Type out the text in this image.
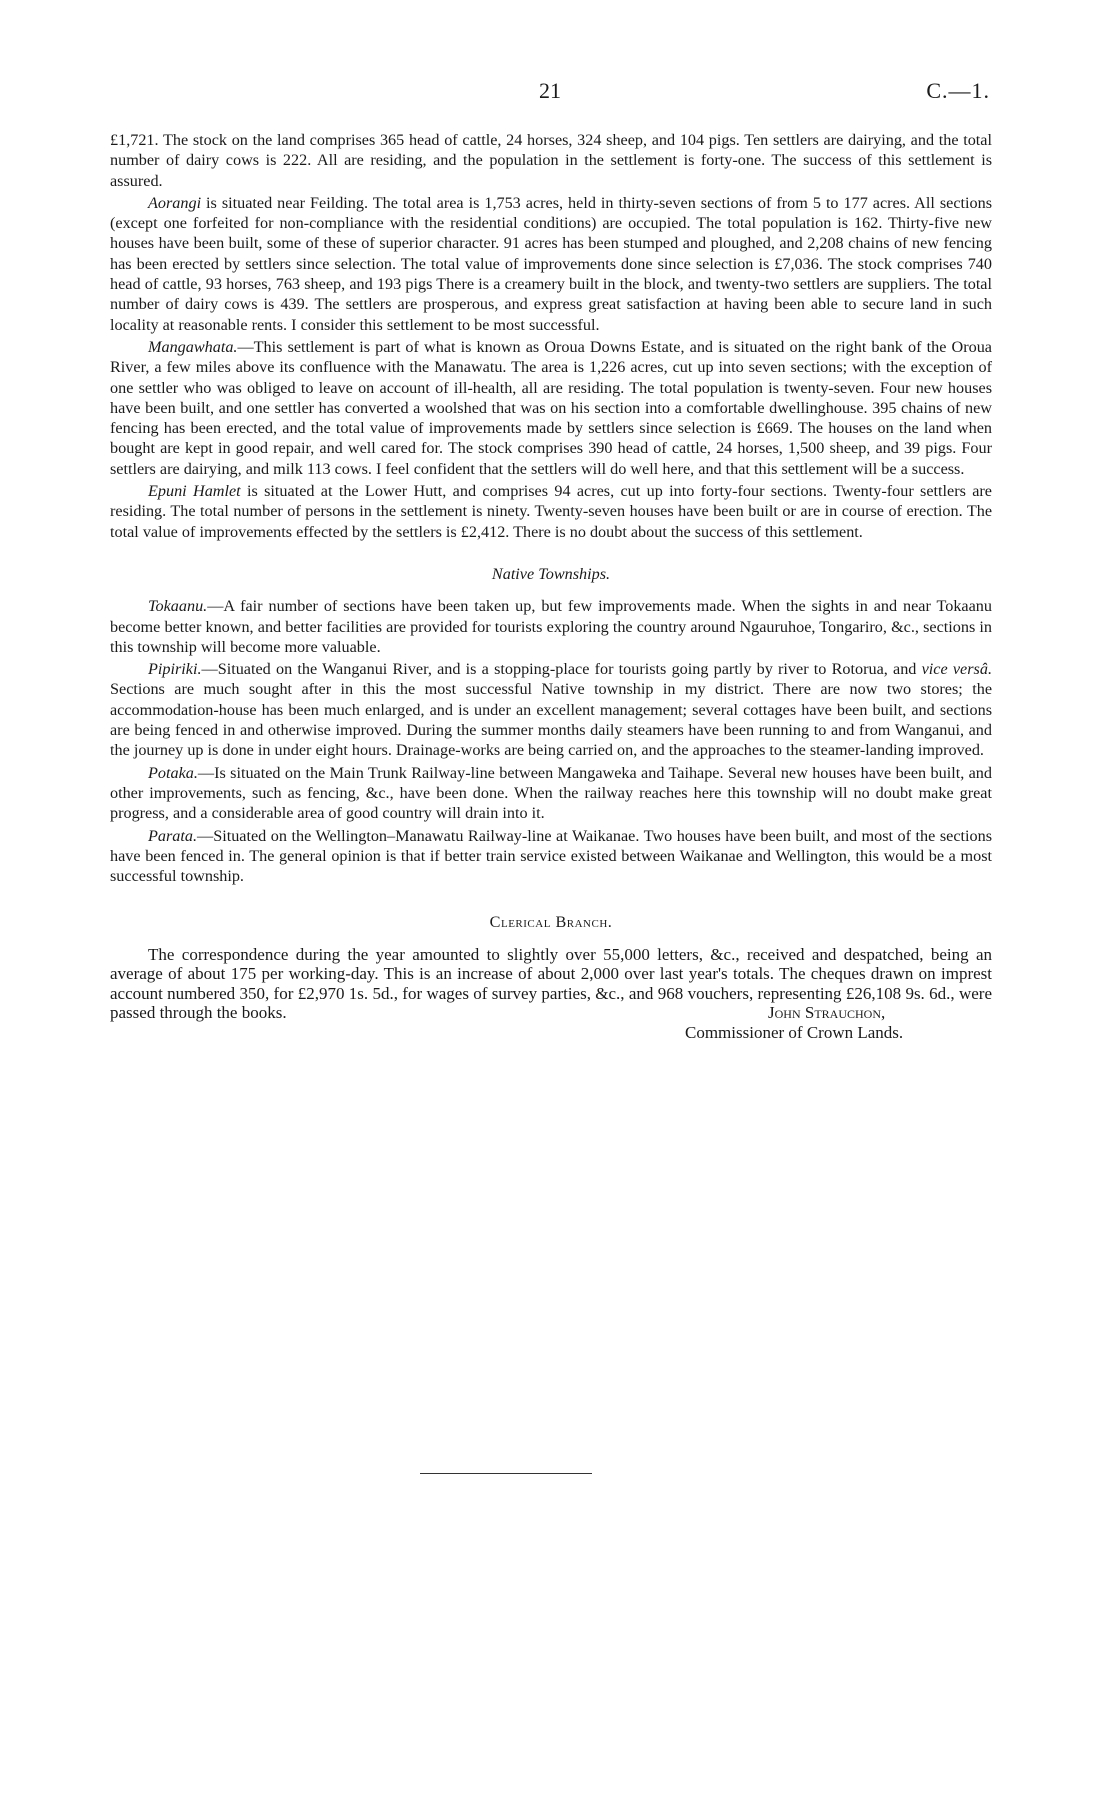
21	C.—1.

£1,721. The stock on the land comprises 365 head of cattle, 24 horses, 324 sheep, and 104 pigs. Ten settlers are dairying, and the total number of dairy cows is 222. All are residing, and the population in the settlement is forty-one. The success of this settlement is assured.

Aorangi is situated near Feilding. The total area is 1,753 acres, held in thirty-seven sections of from 5 to 177 acres. All sections (except one forfeited for non-compliance with the residential conditions) are occupied. The total population is 162. Thirty-five new houses have been built, some of these of superior character. 91 acres has been stumped and ploughed, and 2,208 chains of new fencing has been erected by settlers since selection. The total value of improvements done since selection is £7,036. The stock comprises 740 head of cattle, 93 horses, 763 sheep, and 193 pigs There is a creamery built in the block, and twenty-two settlers are suppliers. The total number of dairy cows is 439. The settlers are prosperous, and express great satisfaction at having been able to secure land in such locality at reasonable rents. I consider this settlement to be most successful.

Mangawhata.—This settlement is part of what is known as Oroua Downs Estate, and is situated on the right bank of the Oroua River, a few miles above its confluence with the Manawatu. The area is 1,226 acres, cut up into seven sections; with the exception of one settler who was obliged to leave on account of ill-health, all are residing. The total population is twenty-seven. Four new houses have been built, and one settler has converted a woolshed that was on his section into a comfortable dwellinghouse. 395 chains of new fencing has been erected, and the total value of improvements made by settlers since selection is £669. The houses on the land when bought are kept in good repair, and well cared for. The stock comprises 390 head of cattle, 24 horses, 1,500 sheep, and 39 pigs. Four settlers are dairying, and milk 113 cows. I feel confident that the settlers will do well here, and that this settlement will be a success.

Epuni Hamlet is situated at the Lower Hutt, and comprises 94 acres, cut up into forty-four sections. Twenty-four settlers are residing. The total number of persons in the settlement is ninety. Twenty-seven houses have been built or are in course of erection. The total value of improvements effected by the settlers is £2,412. There is no doubt about the success of this settlement.

Native Townships.

Tokaanu.—A fair number of sections have been taken up, but few improvements made. When the sights in and near Tokaanu become better known, and better facilities are provided for tourists exploring the country around Ngauruhoe, Tongariro, &c., sections in this township will become more valuable.

Pipiriki.—Situated on the Wanganui River, and is a stopping-place for tourists going partly by river to Rotorua, and vice versâ. Sections are much sought after in this the most successful Native township in my district. There are now two stores; the accommodation-house has been much enlarged, and is under an excellent management; several cottages have been built, and sections are being fenced in and otherwise improved. During the summer months daily steamers have been running to and from Wanganui, and the journey up is done in under eight hours. Drainage-works are being carried on, and the approaches to the steamer-landing improved.

Potaka.—Is situated on the Main Trunk Railway-line between Mangaweka and Taihape. Several new houses have been built, and other improvements, such as fencing, &c., have been done. When the railway reaches here this township will no doubt make great progress, and a considerable area of good country will drain into it.

Parata.—Situated on the Wellington–Manawatu Railway-line at Waikanae. Two houses have been built, and most of the sections have been fenced in. The general opinion is that if better train service existed between Waikanae and Wellington, this would be a most successful township.

Clerical Branch.

The correspondence during the year amounted to slightly over 55,000 letters, &c., received and despatched, being an average of about 175 per working-day. This is an increase of about 2,000 over last year's totals. The cheques drawn on imprest account numbered 350, for £2,970 1s. 5d., for wages of survey parties, &c., and 968 vouchers, representing £26,108 9s. 6d., were passed through the books.	John Strauchon,

Commissioner of Crown Lands.
